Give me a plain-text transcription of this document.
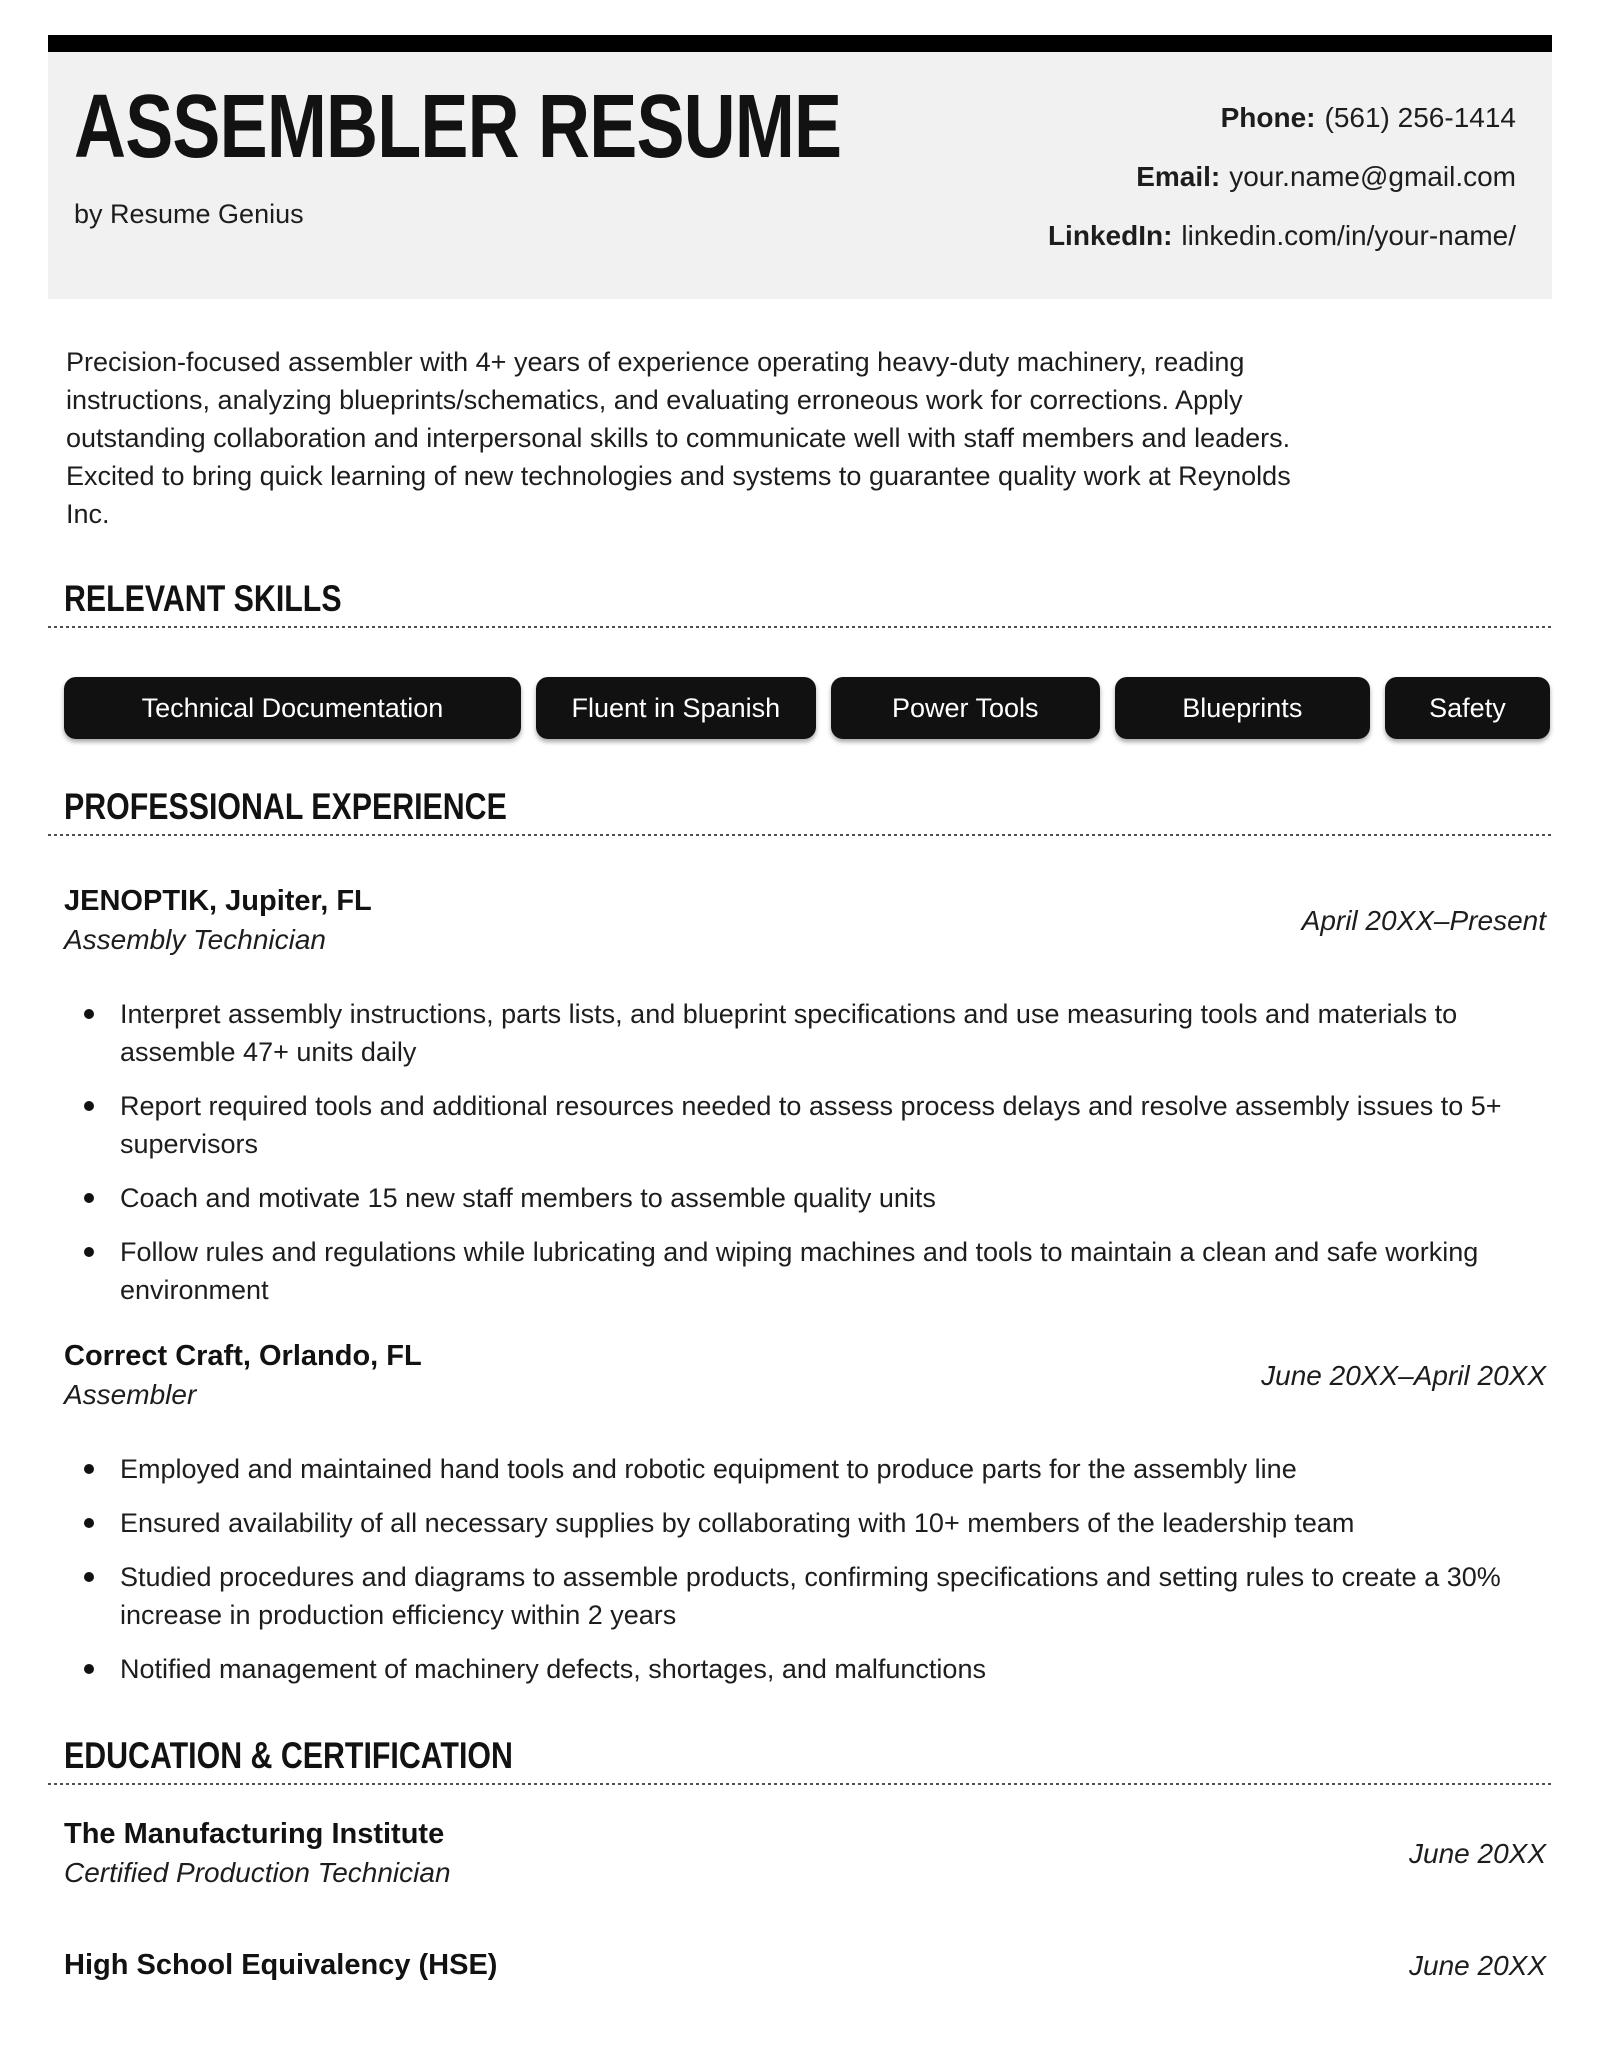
ASSEMBLER RESUME

by Resume Genius

Phone: (561) 256-1414
Email: your.name@gmail.com
LinkedIn: linkedin.com/in/your-name/
Precision-focused assembler with 4+ years of experience operating heavy-duty machinery, reading
instructions, analyzing blueprints/schematics, and evaluating erroneous work for corrections. Apply
outstanding collaboration and interpersonal skills to communicate well with staff members and leaders.
Excited to bring quick learning of new technologies and systems to guarantee quality work at Reynolds
Inc.
RELEVANT SKILLS
Technical Documentation	Fluent in Spanish	Power Tools	Blueprints	Safety
PROFESSIONAL EXPERIENCE
JENOPTIK, Jupiter, FL
Assembly Technician
April 20XX–Present
Interpret assembly instructions, parts lists, and blueprint specifications and use measuring tools and materials to assemble 47+ units daily
Report required tools and additional resources needed to assess process delays and resolve assembly issues to 5+ supervisors
Coach and motivate 15 new staff members to assemble quality units
Follow rules and regulations while lubricating and wiping machines and tools to maintain a clean and safe working environment
Correct Craft, Orlando, FL
Assembler
June 20XX–April 20XX
Employed and maintained hand tools and robotic equipment to produce parts for the assembly line
Ensured availability of all necessary supplies by collaborating with 10+ members of the leadership team
Studied procedures and diagrams to assemble products, confirming specifications and setting rules to create a 30% increase in production efficiency within 2 years
Notified management of machinery defects, shortages, and malfunctions
EDUCATION & CERTIFICATION
The Manufacturing Institute
Certified Production Technician
June 20XX
High School Equivalency (HSE)	June 20XX
